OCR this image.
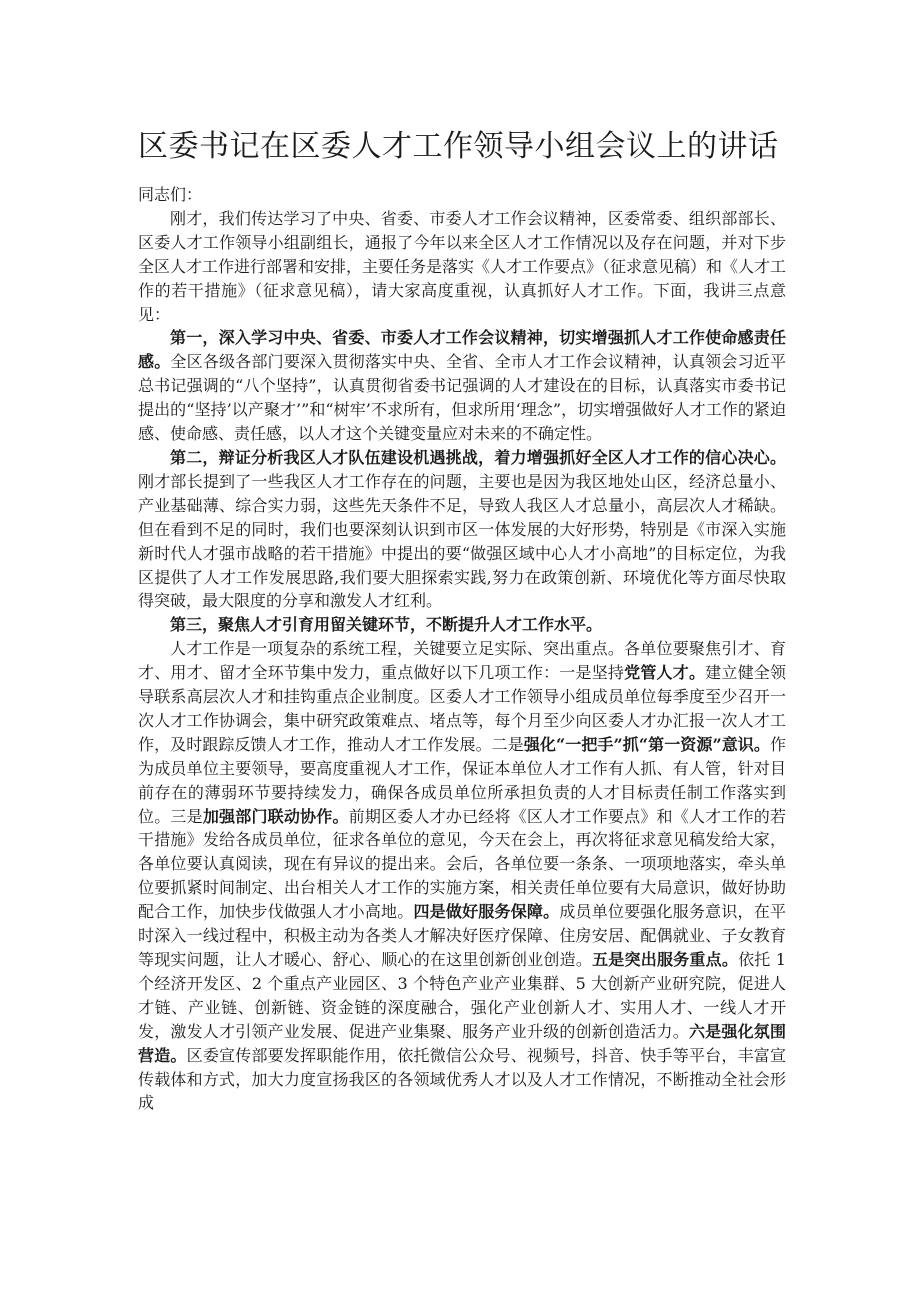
区委书记在区委人才工作领导小组会议上的讲话

同志们：

刚才，我们传达学习了中央、省委、市委人才工作会议精神，区委常委、组织部部长、区委人才工作领导小组副组长，通报了今年以来全区人才工作情况以及存在问题，并对下步全区人才工作进行部署和安排，主要任务是落实《人才工作要点》（征求意见稿）和《人才工作的若干措施》（征求意见稿），请大家高度重视，认真抓好人才工作。下面，我讲三点意见：

第一，深入学习中央、省委、市委人才工作会议精神，切实增强抓人才工作使命感责任感。全区各级各部门要深入贯彻落实中央、全省、全市人才工作会议精神，认真领会习近平总书记强调的“八个坚持”，认真贯彻省委书记强调的人才建设在的目标，认真落实市委书记提出的“坚持’以产聚才’”和“树牢’不求所有，但求所用‘理念”，切实增强做好人才工作的紧迫感、使命感、责任感，以人才这个关键变量应对未来的不确定性。

第二，辩证分析我区人才队伍建设机遇挑战，着力增强抓好全区人才工作的信心决心。刚才部长提到了一些我区人才工作存在的问题，主要也是因为我区地处山区，经济总量小、产业基础薄、综合实力弱，这些先天条件不足，导致人我区人才总量小，高层次人才稀缺。但在看到不足的同时，我们也要深刻认识到市区一体发展的大好形势，特别是《市深入实施新时代人才强市战略的若干措施》中提出的要“做强区域中心人才小高地”的目标定位，为我区提供了人才工作发展思路,我们要大胆探索实践,努力在政策创新、环境优化等方面尽快取得突破，最大限度的分享和激发人才红利。

第三，聚焦人才引育用留关键环节，不断提升人才工作水平。

人才工作是一项复杂的系统工程，关键要立足实际、突出重点。各单位要聚焦引才、育才、用才、留才全环节集中发力，重点做好以下几项工作：一是坚持党管人才。建立健全领导联系高层次人才和挂钩重点企业制度。区委人才工作领导小组成员单位每季度至少召开一次人才工作协调会，集中研究政策难点、堵点等，每个月至少向区委人才办汇报一次人才工作，及时跟踪反馈人才工作，推动人才工作发展。二是强化“一把手”抓“第一资源”意识。作为成员单位主要领导，要高度重视人才工作，保证本单位人才工作有人抓、有人管，针对目前存在的薄弱环节要持续发力，确保各成员单位所承担负责的人才目标责任制工作落实到位。三是加强部门联动协作。前期区委人才办已经将《区人才工作要点》和《人才工作的若干措施》发给各成员单位，征求各单位的意见，今天在会上，再次将征求意见稿发给大家，各单位要认真阅读，现在有异议的提出来。会后，各单位要一条条、一项项地落实，牵头单位要抓紧时间制定、出台相关人才工作的实施方案，相关责任单位要有大局意识，做好协助配合工作，加快步伐做强人才小高地。四是做好服务保障。成员单位要强化服务意识，在平时深入一线过程中，积极主动为各类人才解决好医疗保障、住房安居、配偶就业、子女教育等现实问题，让人才暖心、舒心、顺心的在这里创新创业创造。五是突出服务重点。依托 1 个经济开发区、2 个重点产业园区、3 个特色产业产业集群、5 大创新产业研究院，促进人才链、产业链、创新链、资金链的深度融合，强化产业创新人才、实用人才、一线人才开发，激发人才引领产业发展、促进产业集聚、服务产业升级的创新创造活力。六是强化氛围营造。区委宣传部要发挥职能作用，依托微信公众号、视频号，抖音、快手等平台，丰富宣传载体和方式，加大力度宣扬我区的各领域优秀人才以及人才工作情况，不断推动全社会形成
